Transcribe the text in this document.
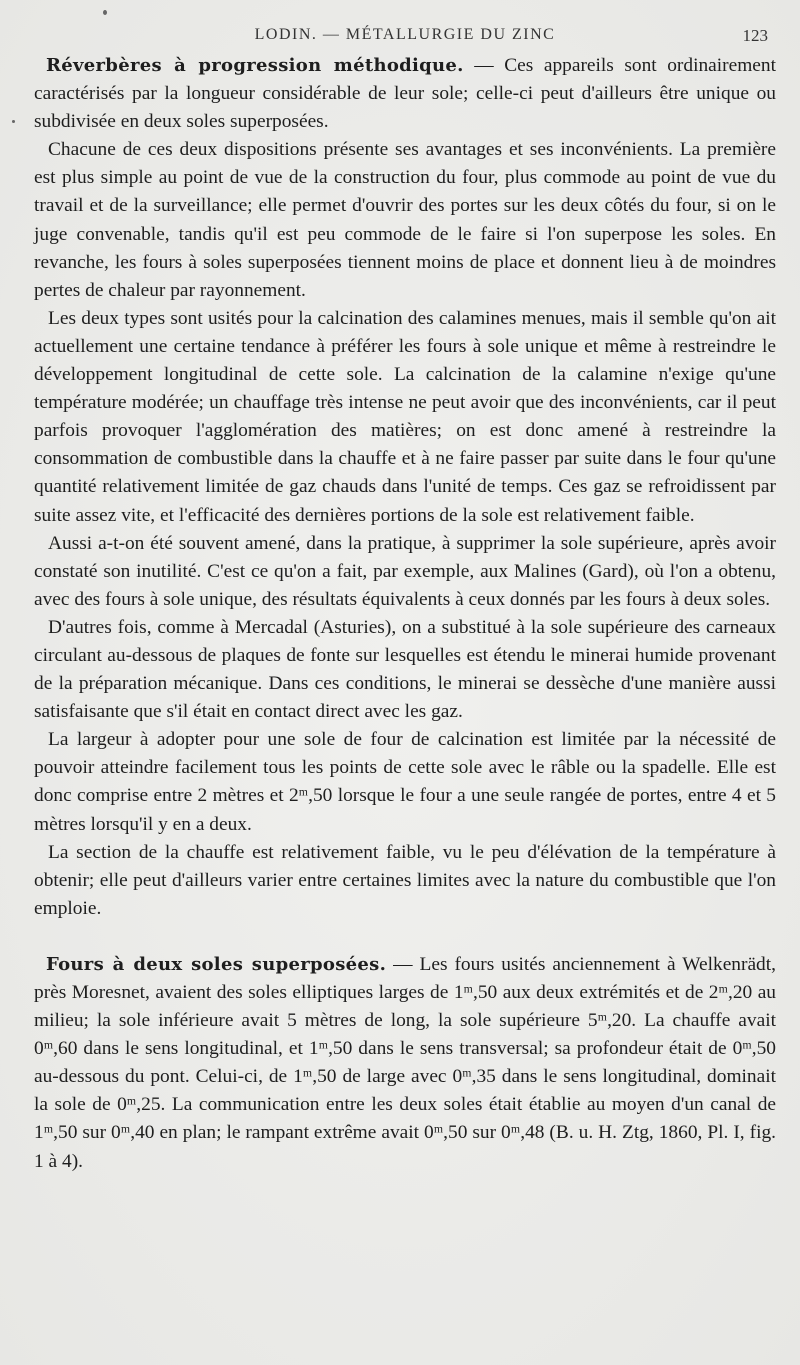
LODIN. — MÉTALLURGIE DU ZINC	123

Réverbères à progression méthodique. — Ces appareils sont ordinairement caractérisés par la longueur considérable de leur sole; celle-ci peut d'ailleurs être unique ou subdivisée en deux soles superposées.

Chacune de ces deux dispositions présente ses avantages et ses inconvénients. La première est plus simple au point de vue de la construction du four, plus commode au point de vue du travail et de la surveillance; elle permet d'ouvrir des portes sur les deux côtés du four, si on le juge convenable, tandis qu'il est peu commode de le faire si l'on superpose les soles. En revanche, les fours à soles superposées tiennent moins de place et donnent lieu à de moindres pertes de chaleur par rayonnement.

Les deux types sont usités pour la calcination des calamines menues, mais il semble qu'on ait actuellement une certaine tendance à préférer les fours à sole unique et même à restreindre le développement longitudinal de cette sole. La calcination de la calamine n'exige qu'une température modérée; un chauffage très intense ne peut avoir que des inconvénients, car il peut parfois provoquer l'agglomération des matières; on est donc amené à restreindre la consommation de combustible dans la chauffe et à ne faire passer par suite dans le four qu'une quantité relativement limitée de gaz chauds dans l'unité de temps. Ces gaz se refroidissent par suite assez vite, et l'efficacité des dernières portions de la sole est relativement faible.

Aussi a-t-on été souvent amené, dans la pratique, à supprimer la sole supérieure, après avoir constaté son inutilité. C'est ce qu'on a fait, par exemple, aux Malines (Gard), où l'on a obtenu, avec des fours à sole unique, des résultats équivalents à ceux donnés par les fours à deux soles.

D'autres fois, comme à Mercadal (Asturies), on a substitué à la sole supérieure des carneaux circulant au-dessous de plaques de fonte sur lesquelles est étendu le minerai humide provenant de la préparation mécanique. Dans ces conditions, le minerai se dessèche d'une manière aussi satisfaisante que s'il était en contact direct avec les gaz.

La largeur à adopter pour une sole de four de calcination est limitée par la nécessité de pouvoir atteindre facilement tous les points de cette sole avec le râble ou la spadelle. Elle est donc comprise entre 2 mètres et 2ᵐ,50 lorsque le four a une seule rangée de portes, entre 4 et 5 mètres lorsqu'il y en a deux.

La section de la chauffe est relativement faible, vu le peu d'élévation de la température à obtenir; elle peut d'ailleurs varier entre certaines limites avec la nature du combustible que l'on emploie.

Fours à deux soles superposées. — Les fours usités anciennement à Welkenrädt, près Moresnet, avaient des soles elliptiques larges de 1ᵐ,50 aux deux extrémités et de 2ᵐ,20 au milieu; la sole inférieure avait 5 mètres de long, la sole supérieure 5ᵐ,20. La chauffe avait 0ᵐ,60 dans le sens longitudinal, et 1ᵐ,50 dans le sens transversal; sa profondeur était de 0ᵐ,50 au-dessous du pont. Celui-ci, de 1ᵐ,50 de large avec 0ᵐ,35 dans le sens longitudinal, dominait la sole de 0ᵐ,25. La communication entre les deux soles était établie au moyen d'un canal de 1ᵐ,50 sur 0ᵐ,40 en plan; le rampant extrême avait 0ᵐ,50 sur 0ᵐ,48 (B. u. H. Ztg, 1860, Pl. I, fig. 1 à 4).
